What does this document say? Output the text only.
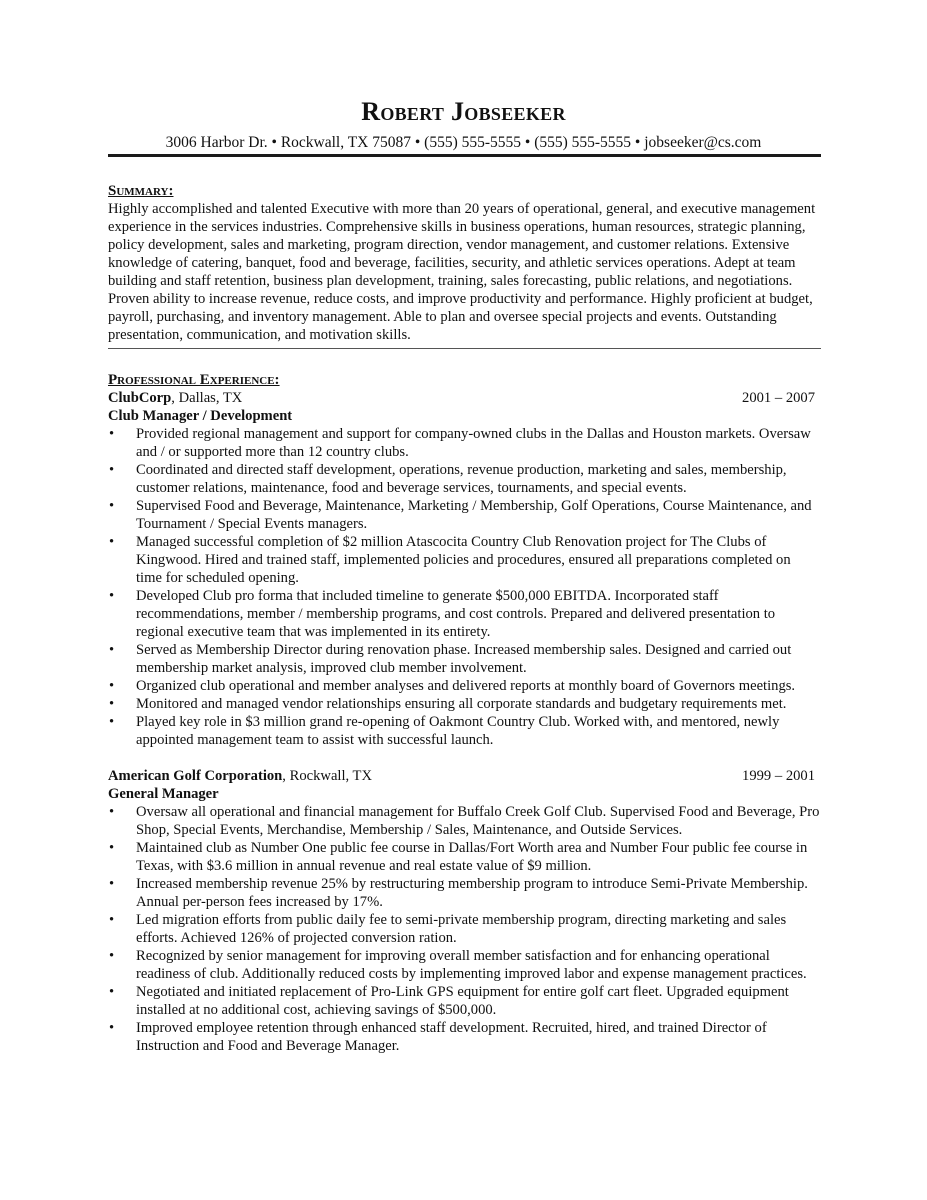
Robert Jobseeker
3006 Harbor Dr. • Rockwall, TX 75087 • (555) 555-5555 • (555) 555-5555 • jobseeker@cs.com
Summary:

Highly accomplished and talented Executive with more than 20 years of operational, general, and executive management experience in the services industries. Comprehensive skills in business operations, human resources, strategic planning, policy development, sales and marketing, program direction, vendor management, and customer relations. Extensive knowledge of catering, banquet, food and beverage, facilities, security, and athletic services operations. Adept at team building and staff retention, business plan development, training, sales forecasting, public relations, and negotiations. Proven ability to increase revenue, reduce costs, and improve productivity and performance. Highly proficient at budget, payroll, purchasing, and inventory management. Able to plan and oversee special projects and events. Outstanding presentation, communication, and motivation skills.

Professional Experience:
ClubCorp, Dallas, TX	2001 – 2007
Club Manager / Development
• Provided regional management and support for company-owned clubs in the Dallas and Houston markets. Oversaw and / or supported more than 12 country clubs.
• Coordinated and directed staff development, operations, revenue production, marketing and sales, membership, customer relations, maintenance, food and beverage services, tournaments, and special events.
• Supervised Food and Beverage, Maintenance, Marketing / Membership, Golf Operations, Course Maintenance, and Tournament / Special Events managers.
• Managed successful completion of $2 million Atascocita Country Club Renovation project for The Clubs of Kingwood. Hired and trained staff, implemented policies and procedures, ensured all preparations completed on time for scheduled opening.
• Developed Club pro forma that included timeline to generate $500,000 EBITDA. Incorporated staff recommendations, member / membership programs, and cost controls. Prepared and delivered presentation to regional executive team that was implemented in its entirety.
• Served as Membership Director during renovation phase. Increased membership sales. Designed and carried out membership market analysis, improved club member involvement.
• Organized club operational and member analyses and delivered reports at monthly board of Governors meetings.
• Monitored and managed vendor relationships ensuring all corporate standards and budgetary requirements met.
• Played key role in $3 million grand re-opening of Oakmont Country Club. Worked with, and mentored, newly appointed management team to assist with successful launch.
American Golf Corporation, Rockwall, TX	1999 – 2001
General Manager
• Oversaw all operational and financial management for Buffalo Creek Golf Club. Supervised Food and Beverage, Pro Shop, Special Events, Merchandise, Membership / Sales, Maintenance, and Outside Services.
• Maintained club as Number One public fee course in Dallas/Fort Worth area and Number Four public fee course in Texas, with $3.6 million in annual revenue and real estate value of $9 million.
• Increased membership revenue 25% by restructuring membership program to introduce Semi-Private Membership. Annual per-person fees increased by 17%.
• Led migration efforts from public daily fee to semi-private membership program, directing marketing and sales efforts. Achieved 126% of projected conversion ration.
• Recognized by senior management for improving overall member satisfaction and for enhancing operational readiness of club. Additionally reduced costs by implementing improved labor and expense management practices.
• Negotiated and initiated replacement of Pro-Link GPS equipment for entire golf cart fleet. Upgraded equipment installed at no additional cost, achieving savings of $500,000.
• Improved employee retention through enhanced staff development. Recruited, hired, and trained Director of Instruction and Food and Beverage Manager.
